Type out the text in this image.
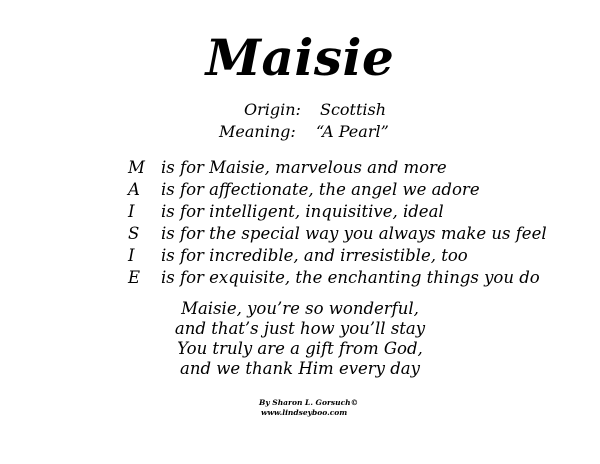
Maisie
Origin: Scottish
Meaning: “A Pearl”
M is for Maisie, marvelous and more
A is for affectionate, the angel we adore
I is for intelligent, inquisitive, ideal
S is for the special way you always make us feel
I is for incredible, and irresistible, too
E is for exquisite, the enchanting things you do
Maisie, you’re so wonderful,
and that’s just how you’ll stay
You truly are a gift from God,
and we thank Him every day
By Sharon L. Gorsuch©
www.lindseyboo.com
